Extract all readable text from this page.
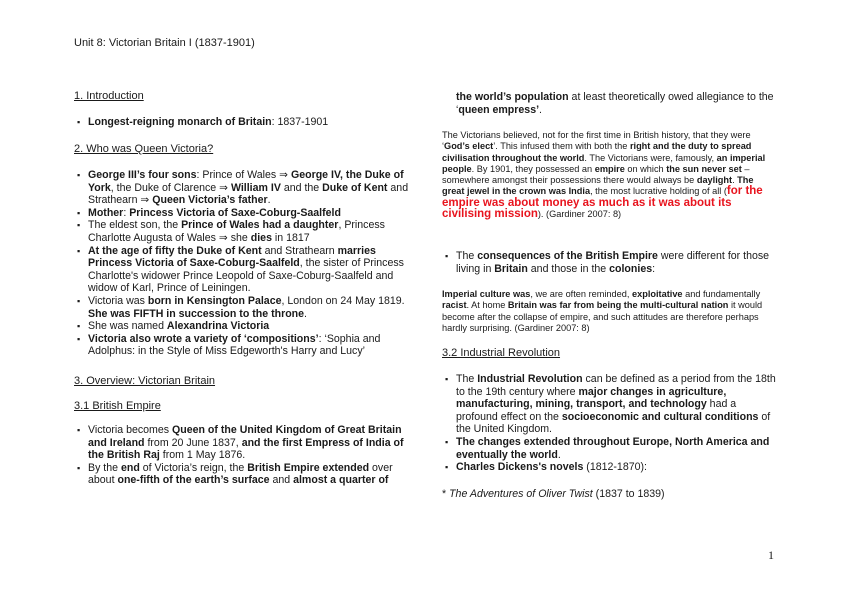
Unit 8: Victorian Britain I (1837-1901)
1. Introduction
▪ Longest-reigning monarch of Britain: 1837-1901
2. Who was Queen Victoria?
▪ George III’s four sons: Prince of Wales ⇒ George IV, the Duke of York, the Duke of Clarence ⇒ William IV and the Duke of Kent and Strathearn ⇒ Queen Victoria’s father.
▪ Mother: Princess Victoria of Saxe-Coburg-Saalfeld
▪ The eldest son, the Prince of Wales had a daughter, Princess Charlotte Augusta of Wales ⇒ she dies in 1817
▪ At the age of fifty the Duke of Kent and Strathearn marries Princess Victoria of Saxe-Coburg-Saalfeld, the sister of Princess Charlotte's widower Prince Leopold of Saxe-Coburg-Saalfeld and widow of Karl, Prince of Leiningen.
▪ Victoria was born in Kensington Palace, London on 24 May 1819. She was FIFTH in succession to the throne.
▪ She was named Alexandrina Victoria
▪ Victoria also wrote a variety of ‘compositions’: ‘Sophia and Adolphus: in the Style of Miss Edgeworth's Harry and Lucy’
3. Overview: Victorian Britain
3.1 British Empire
▪ Victoria becomes Queen of the United Kingdom of Great Britain and Ireland from 20 June 1837, and the first Empress of India of the British Raj from 1 May 1876.
▪ By the end of Victoria’s reign, the British Empire extended over about one-fifth of the earth’s surface and almost a quarter of
the world’s population at least theoretically owed allegiance to the ‘queen empress’.
The Victorians believed, not for the first time in British history, that they were ‘God’s elect’. This infused them with both the right and the duty to spread civilisation throughout the world. The Victorians were, famously, an imperial people. By 1901, they possessed an empire on which the sun never set – somewhere amongst their possessions there would always be daylight. The great jewel in the crown was India, the most lucrative holding of all (for the empire was about money as much as it was about its civilising mission). (Gardiner 2007: 8)
▪ The consequences of the British Empire were different for those living in Britain and those in the colonies:
Imperial culture was, we are often reminded, exploitative and fundamentally racist. At home Britain was far from being the multi-cultural nation it would become after the collapse of empire, and such attitudes are therefore perhaps hardly surprising. (Gardiner 2007: 8)
3.2 Industrial Revolution
▪ The Industrial Revolution can be defined as a period from the 18th to the 19th century where major changes in agriculture, manufacturing, mining, transport, and technology had a profound effect on the socioeconomic and cultural conditions of the United Kingdom.
▪ The changes extended throughout Europe, North America and eventually the world.
▪ Charles Dickens's novels (1812-1870):
* The Adventures of Oliver Twist (1837 to 1839)
1
